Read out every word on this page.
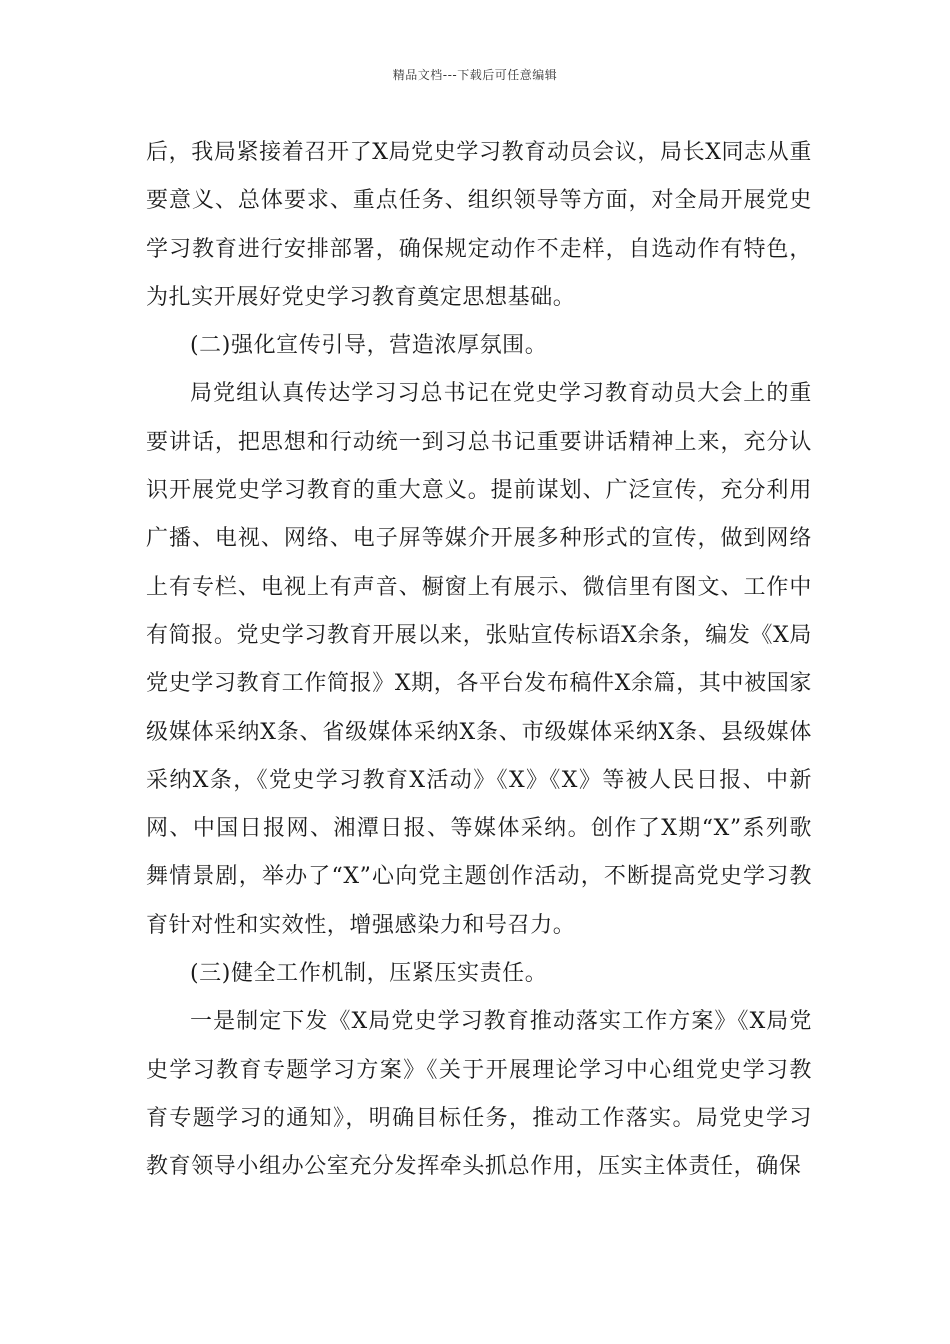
精品文档---下载后可任意编辑

后，我局紧接着召开了X局党史学习教育动员会议，局长X同志从重要意义、总体要求、重点任务、组织领导等方面，对全局开展党史学习教育进行安排部署，确保规定动作不走样，自选动作有特色，为扎实开展好党史学习教育奠定思想基础。

(二)强化宣传引导，营造浓厚氛围。

局党组认真传达学习习总书记在党史学习教育动员大会上的重要讲话，把思想和行动统一到习总书记重要讲话精神上来，充分认识开展党史学习教育的重大意义。提前谋划、广泛宣传，充分利用广播、电视、网络、电子屏等媒介开展多种形式的宣传，做到网络上有专栏、电视上有声音、橱窗上有展示、微信里有图文、工作中有简报。党史学习教育开展以来，张贴宣传标语X余条，编发《X局党史学习教育工作简报》X期，各平台发布稿件X余篇，其中被国家级媒体采纳X条、省级媒体采纳X条、市级媒体采纳X条、县级媒体采纳X条，《党史学习教育X活动》《X》《X》等被人民日报、中新网、中国日报网、湘潭日报、等媒体采纳。创作了X期“X”系列歌舞情景剧，举办了“X”心向党主题创作活动，不断提高党史学习教育针对性和实效性，增强感染力和号召力。

(三)健全工作机制，压紧压实责任。

一是制定下发《X局党史学习教育推动落实工作方案》《X局党史学习教育专题学习方案》《关于开展理论学习中心组党史学习教育专题学习的通知》，明确目标任务，推动工作落实。局党史学习教育领导小组办公室充分发挥牵头抓总作用，压实主体责任，确保
